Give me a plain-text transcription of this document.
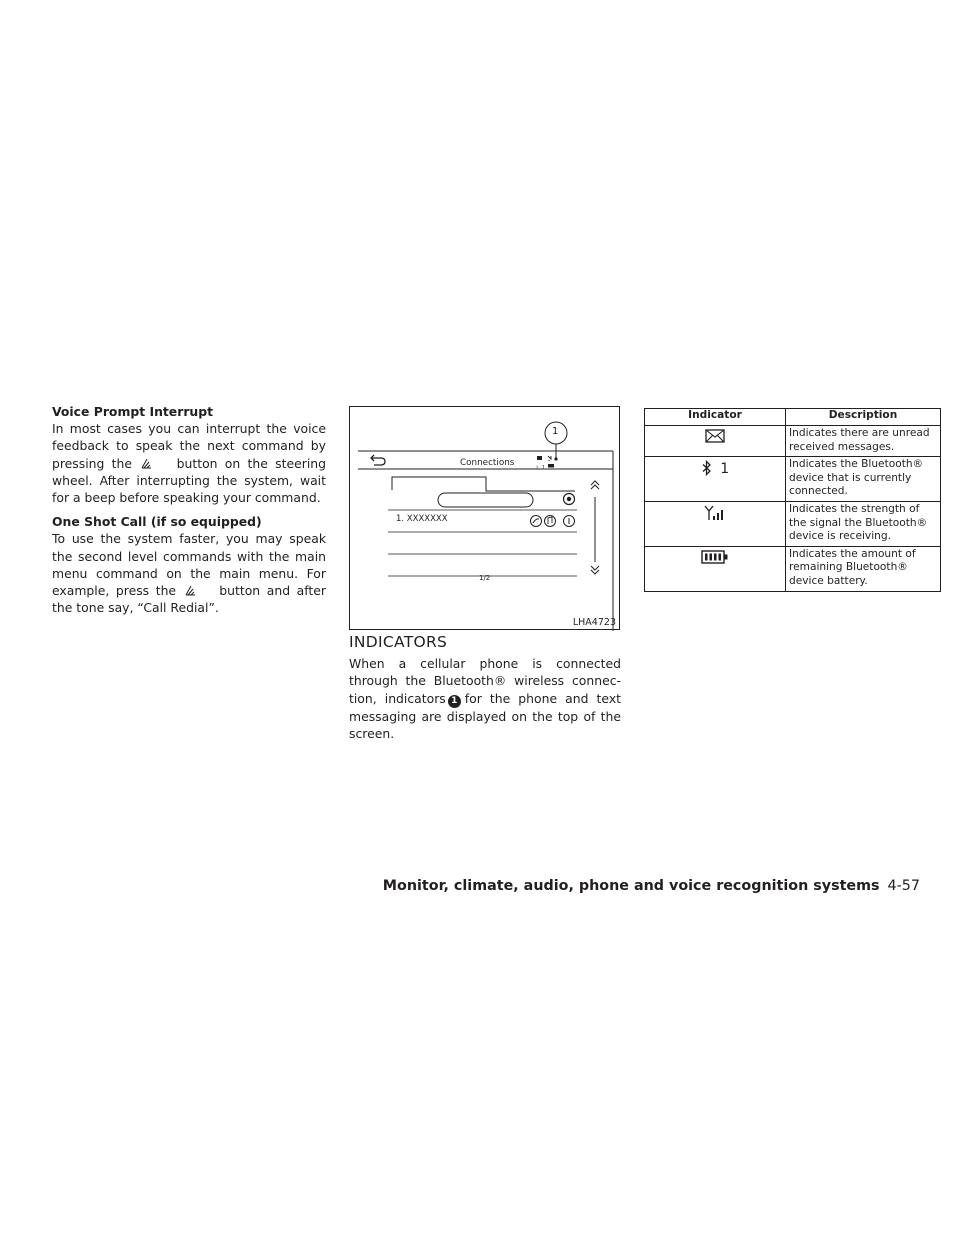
Voice Prompt Interrupt

In most cases you can interrupt the voice feedback to speak the next command by pressing the	button on the steering wheel. After interrupting the system, wait for a beep before speaking your command.

One Shot Call (if so equipped)

To use the system faster, you may speak the second level commands with the main menu command on the main menu. For example, press the	button and after the tone say, “Call Redial”.

ᛒ 1
Connections
1
1. XXXXXXX
1/2
LHA4723

INDICATORS

When a cellular phone is connected through the Bluetooth® wireless connec- tion, indicators 1 for the phone and text messaging are displayed on the top of the screen.

Indicator	Description
	Indicates there are unread received messages.
1	Indicates the Bluetooth® device that is currently connected.
	Indicates the strength of the signal the Bluetooth® device is receiving.
	Indicates the amount of remaining Bluetooth® device battery.
Monitor, climate, audio, phone and voice recognition systems 4-57
